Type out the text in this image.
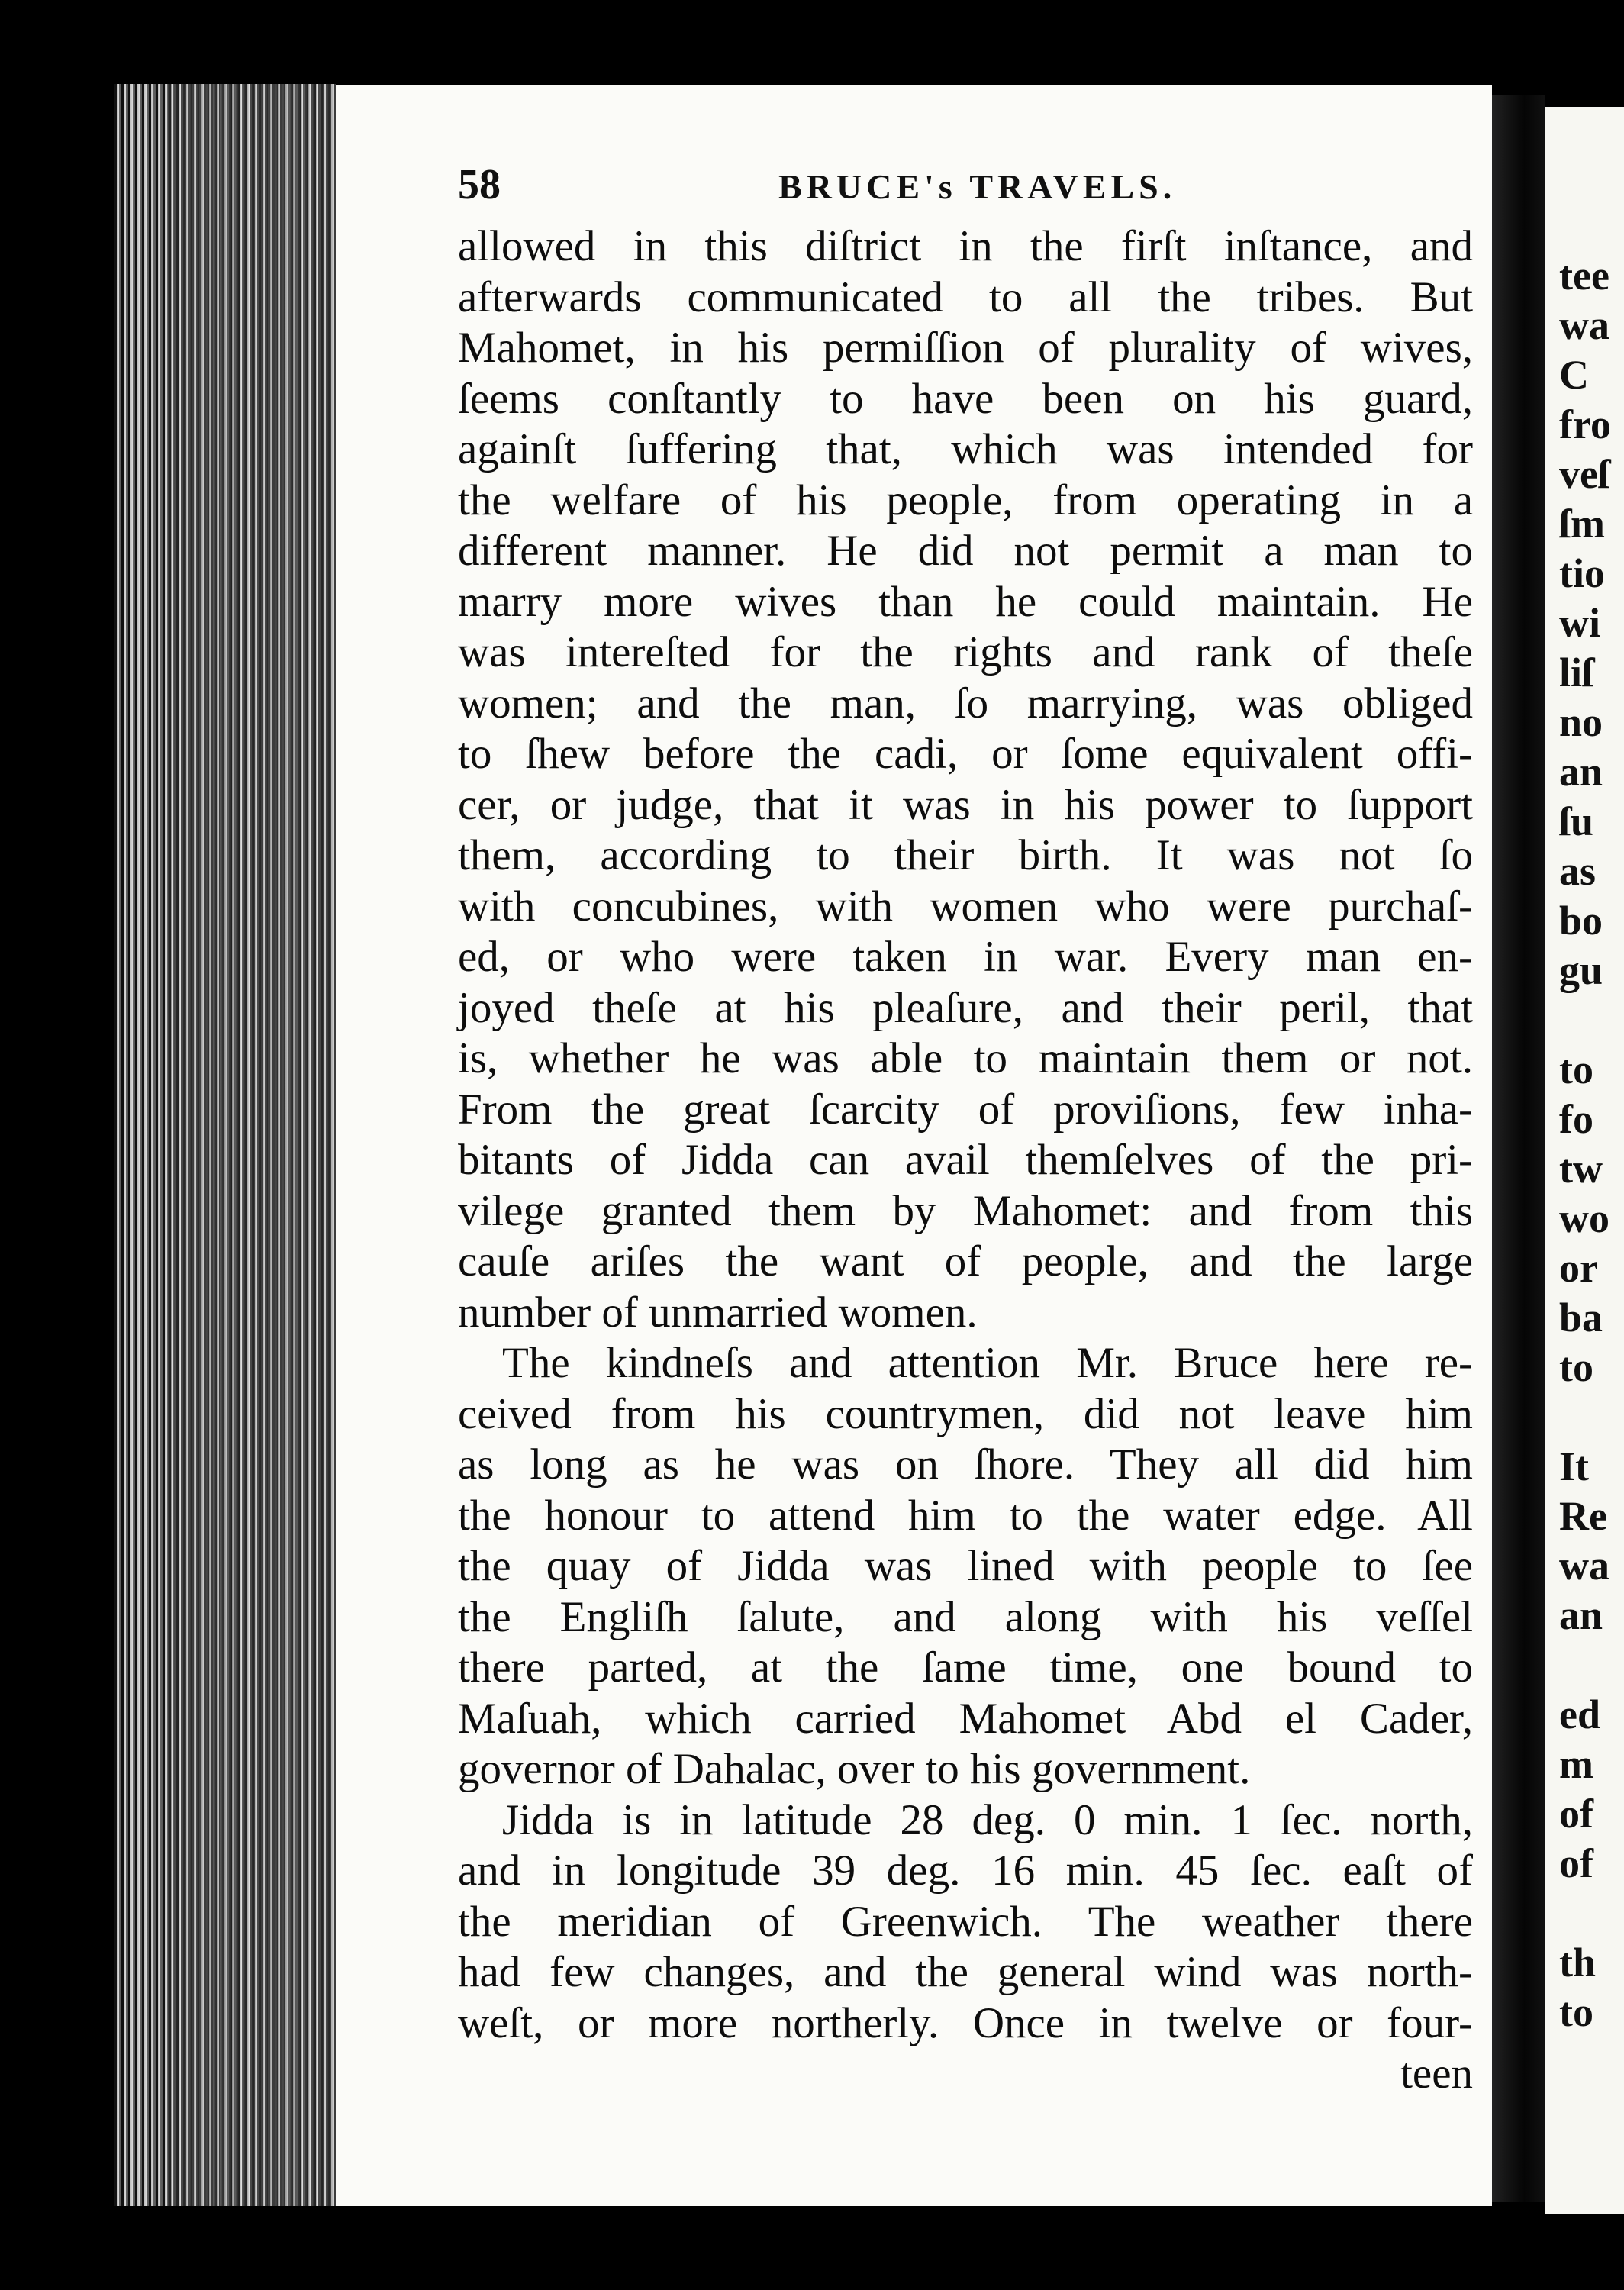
tee
wa
C
fro
veſ
ſm
tio
wi
liſ
no
an
ſu
as
bo
gu
to
fo
tw
wo
or
ba
to
It
Re
wa
an
ed
m
of
of
th
to
58	BRUCE's TRAVELS.
allowed in this diſtrict in the firſt inſtance, and
afterwards communicated to all the tribes. But
Mahomet, in his permiſſion of plurality of wives,
ſeems conſtantly to have been on his guard,
againſt ſuffering that, which was intended for
the welfare of his people, from operating in a
different manner. He did not permit a man to
marry more wives than he could maintain. He
was intereſted for the rights and rank of theſe
women; and the man, ſo marrying, was obliged
to ſhew before the cadi, or ſome equivalent offi-
cer, or judge, that it was in his power to ſupport
them, according to their birth. It was not ſo
with concubines, with women who were purchaſ-
ed, or who were taken in war. Every man en-
joyed theſe at his pleaſure, and their peril, that
is, whether he was able to maintain them or not.
From the great ſcarcity of proviſions, few inha-
bitants of Jidda can avail themſelves of the pri-
vilege granted them by Mahomet: and from this
cauſe ariſes the want of people, and the large
number of unmarried women.
The kindneſs and attention Mr. Bruce here re-
ceived from his countrymen, did not leave him
as long as he was on ſhore. They all did him
the honour to attend him to the water edge. All
the quay of Jidda was lined with people to ſee
the Engliſh ſalute, and along with his veſſel
there parted, at the ſame time, one bound to
Maſuah, which carried Mahomet Abd el Cader,
governor of Dahalac, over to his government.
Jidda is in latitude 28 deg. 0 min. 1 ſec. north,
and in longitude 39 deg. 16 min. 45 ſec. eaſt of
the meridian of Greenwich. The weather there
had few changes, and the general wind was north-
weſt, or more northerly. Once in twelve or four-
teen
